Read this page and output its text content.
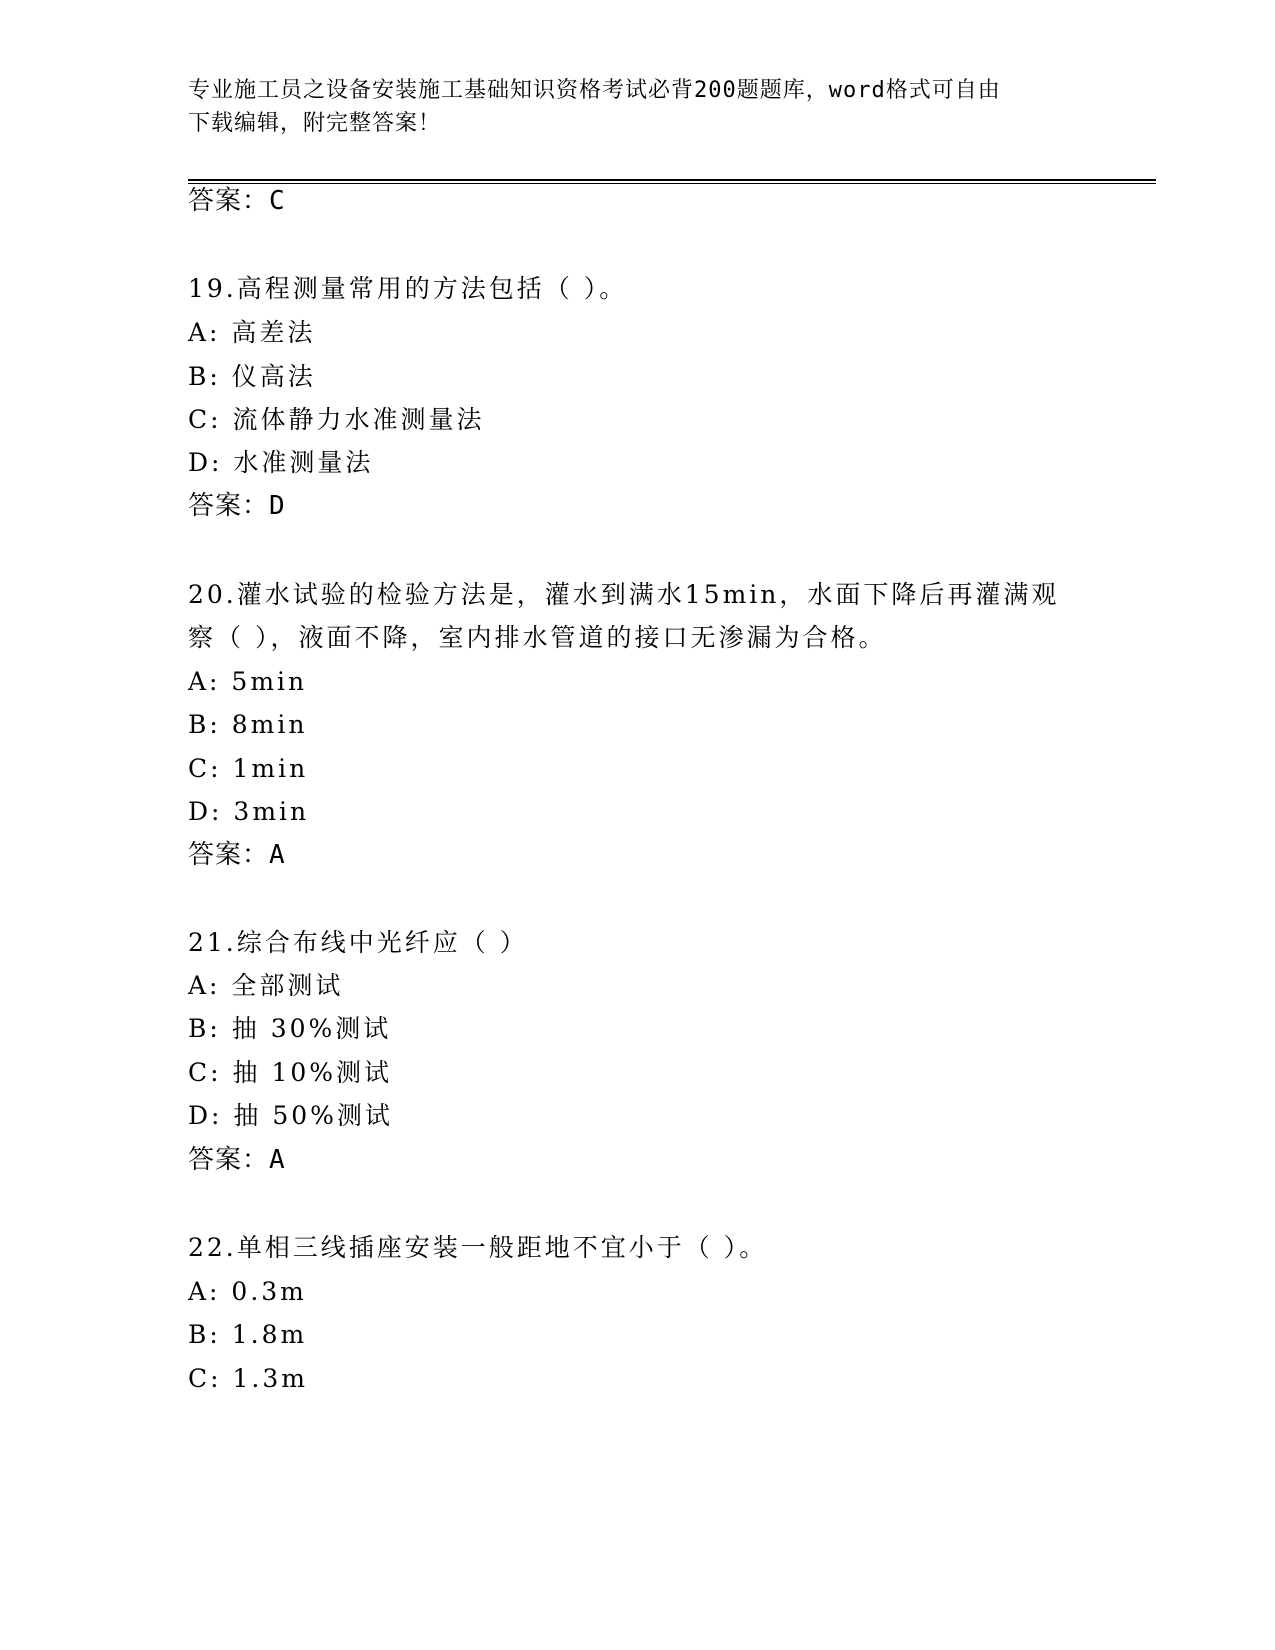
专业施工员之设备安装施工基础知识资格考试必背200题题库，word格式可自由
下载编辑，附完整答案！
答案：C
19.高程测量常用的方法包括（ ）。
A: 高差法
B: 仪高法
C: 流体静力水准测量法
D: 水准测量法
答案：D
20.灌水试验的检验方法是，灌水到满水15min，水面下降后再灌满观
察（ ），液面不降，室内排水管道的接口无渗漏为合格。
A: 5min
B: 8min
C: 1min
D: 3min
答案：A
21.综合布线中光纤应（ ）
A: 全部测试
B: 抽 30%测试
C: 抽 10%测试
D: 抽 50%测试
答案：A
22.单相三线插座安装一般距地不宜小于（ ）。
A: 0.3m
B: 1.8m
C: 1.3m
